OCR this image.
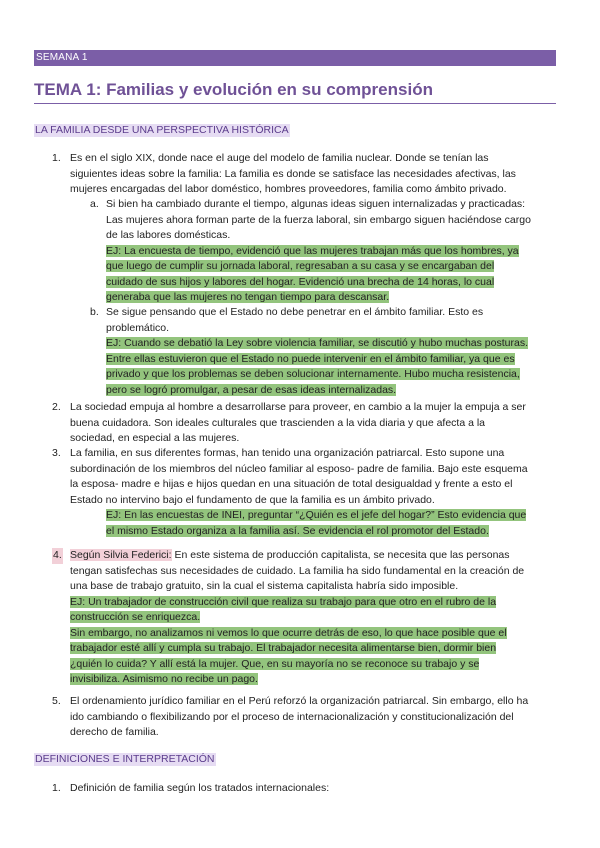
SEMANA 1
TEMA 1: Familias y evolución en su comprensión
LA FAMILIA DESDE UNA PERSPECTIVA HISTÓRICA
1. Es en el siglo XIX, donde nace el auge del modelo de familia nuclear. Donde se tenían las
siguientes ideas sobre la familia: La familia es donde se satisface las necesidades afectivas, las
mujeres encargadas del labor doméstico, hombres proveedores, familia como ámbito privado.
a. Si bien ha cambiado durante el tiempo, algunas ideas siguen internalizadas y practicadas:
Las mujeres ahora forman parte de la fuerza laboral, sin embargo siguen haciéndose cargo
de las labores domésticas.
EJ: La encuesta de tiempo, evidenció que las mujeres trabajan más que los hombres, ya
que luego de cumplir su jornada laboral, regresaban a su casa y se encargaban del
cuidado de sus hijos y labores del hogar. Evidenció una brecha de 14 horas, lo cual
generaba que las mujeres no tengan tiempo para descansar.
b. Se sigue pensando que el Estado no debe penetrar en el ámbito familiar. Esto es
problemático.
EJ: Cuando se debatió la Ley sobre violencia familiar, se discutió y hubo muchas posturas.
Entre ellas estuvieron que el Estado no puede intervenir en el ámbito familiar, ya que es
privado y que los problemas se deben solucionar internamente. Hubo mucha resistencia,
pero se logró promulgar, a pesar de esas ideas internalizadas.
2. La sociedad empuja al hombre a desarrollarse para proveer, en cambio a la mujer la empuja a ser
buena cuidadora. Son ideales culturales que trascienden a la vida diaria y que afecta a la
sociedad, en especial a las mujeres.
3. La familia, en sus diferentes formas, han tenido una organización patriarcal. Esto supone una
subordinación de los miembros del núcleo familiar al esposo- padre de familia. Bajo este esquema
la esposa- madre e hijas e hijos quedan en una situación de total desigualdad y frente a esto el
Estado no intervino bajo el fundamento de que la familia es un ámbito privado.
EJ: En las encuestas de INEI, preguntar “¿Quién es el jefe del hogar?” Esto evidencia que
el mismo Estado organiza a la familia así. Se evidencia el rol promotor del Estado.
4. Según Silvia Federici: En este sistema de producción capitalista, se necesita que las personas
tengan satisfechas sus necesidades de cuidado. La familia ha sido fundamental en la creación de
una base de trabajo gratuito, sin la cual el sistema capitalista habría sido imposible.
EJ: Un trabajador de construcción civil que realiza su trabajo para que otro en el rubro de la
construcción se enriquezca.
Sin embargo, no analizamos ni vemos lo que ocurre detrás de eso, lo que hace posible que el
trabajador esté allí y cumpla su trabajo. El trabajador necesita alimentarse bien, dormir bien
¿quién lo cuida? Y allí está la mujer. Que, en su mayoría no se reconoce su trabajo y se
invisibiliza. Asimismo no recibe un pago.
5. El ordenamiento jurídico familiar en el Perú reforzó la organización patriarcal. Sin embargo, ello ha
ido cambiando o flexibilizando por el proceso de internacionalización y constitucionalización del
derecho de familia.
DEFINICIONES E INTERPRETACIÓN
1. Definición de familia según los tratados internacionales:
